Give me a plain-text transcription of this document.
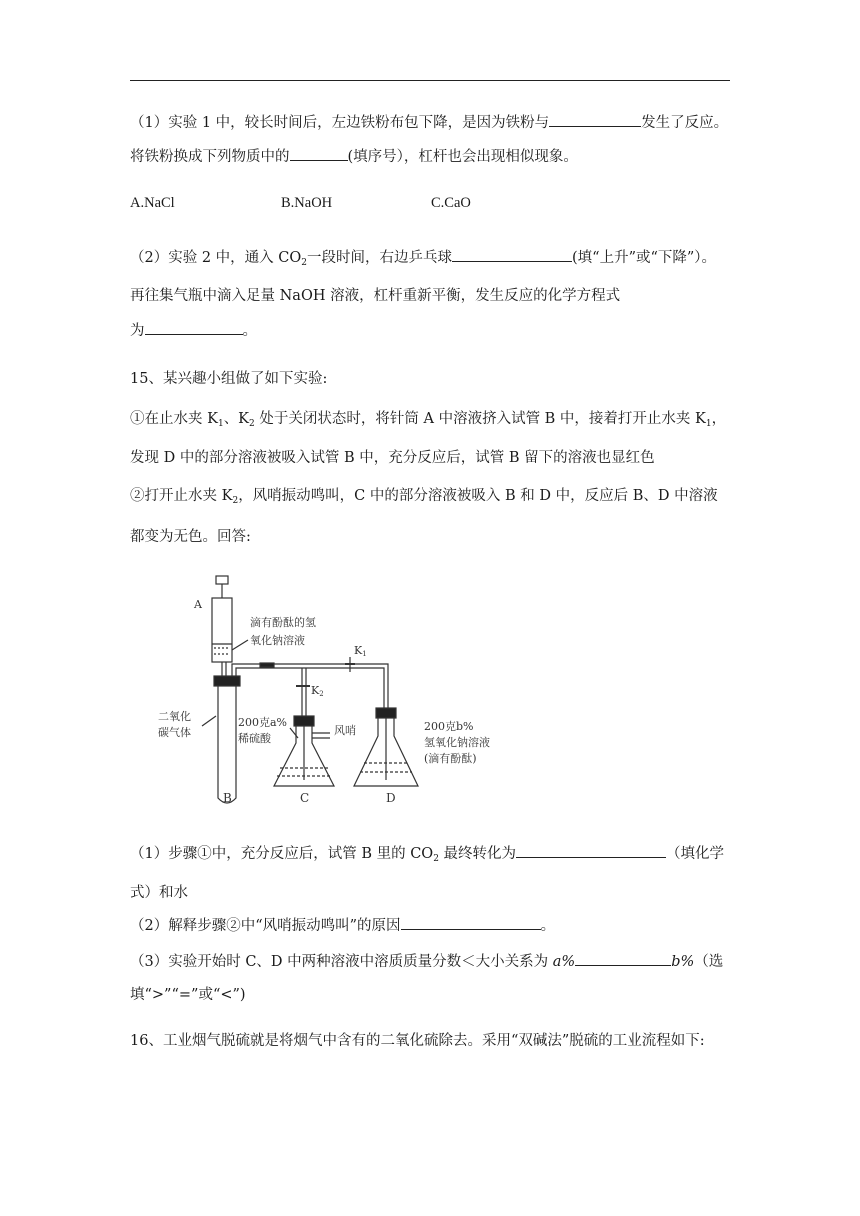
（1）实验 1 中，较长时间后，左边铁粉布包下降，是因为铁粉与	发生了反应。
将铁粉换成下列物质中的	(填序号），杠杆也会出现相似现象。
A.NaCl	B.NaOH	C.CaO
（2）实验 2 中，通入 $CO_2$一段时间，右边乒乓球	(填“上升”或“下降”）。
再往集气瓶中滴入足量 NaOH 溶液，杠杆重新平衡，发生反应的化学方程式
为	。
15、某兴趣小组做了如下实验:
①在止水夹 $K_1$、$K_2$ 处于关闭状态时，将针筒 A 中溶液挤入试管 B 中，接着打开止水夹 $K_1$，
发现 D 中的部分溶液被吸入试管 B 中，充分反应后，试管 B 留下的溶液也显红色
②打开止水夹 $K_2$，风哨振动鸣叫，C 中的部分溶液被吸入 B 和 D 中，反应后 B、D 中溶液
都变为无色。回答:
A
滴有酚酞的氢
氧化钠溶液
K1
K2
二氧化
碳气体
200克a%
稀硫酸
风哨	200克b%
氢氧化钠溶液
(滴有酚酞)
B	C	D
（1）步骤①中，充分反应后，试管 B 里的 $CO_2$ 最终转化为	（填化学
式）和水
（2）解释步骤②中“风哨振动鸣叫”的原因	。
（3）实验开始时 C、D 中两种溶液中溶质质量分数＜大小关系为 a%	b%（选
填“>”“=”或“<”)
16、工业烟气脱硫就是将烟气中含有的二氧化硫除去。采用“双碱法”脱硫的工业流程如下:
